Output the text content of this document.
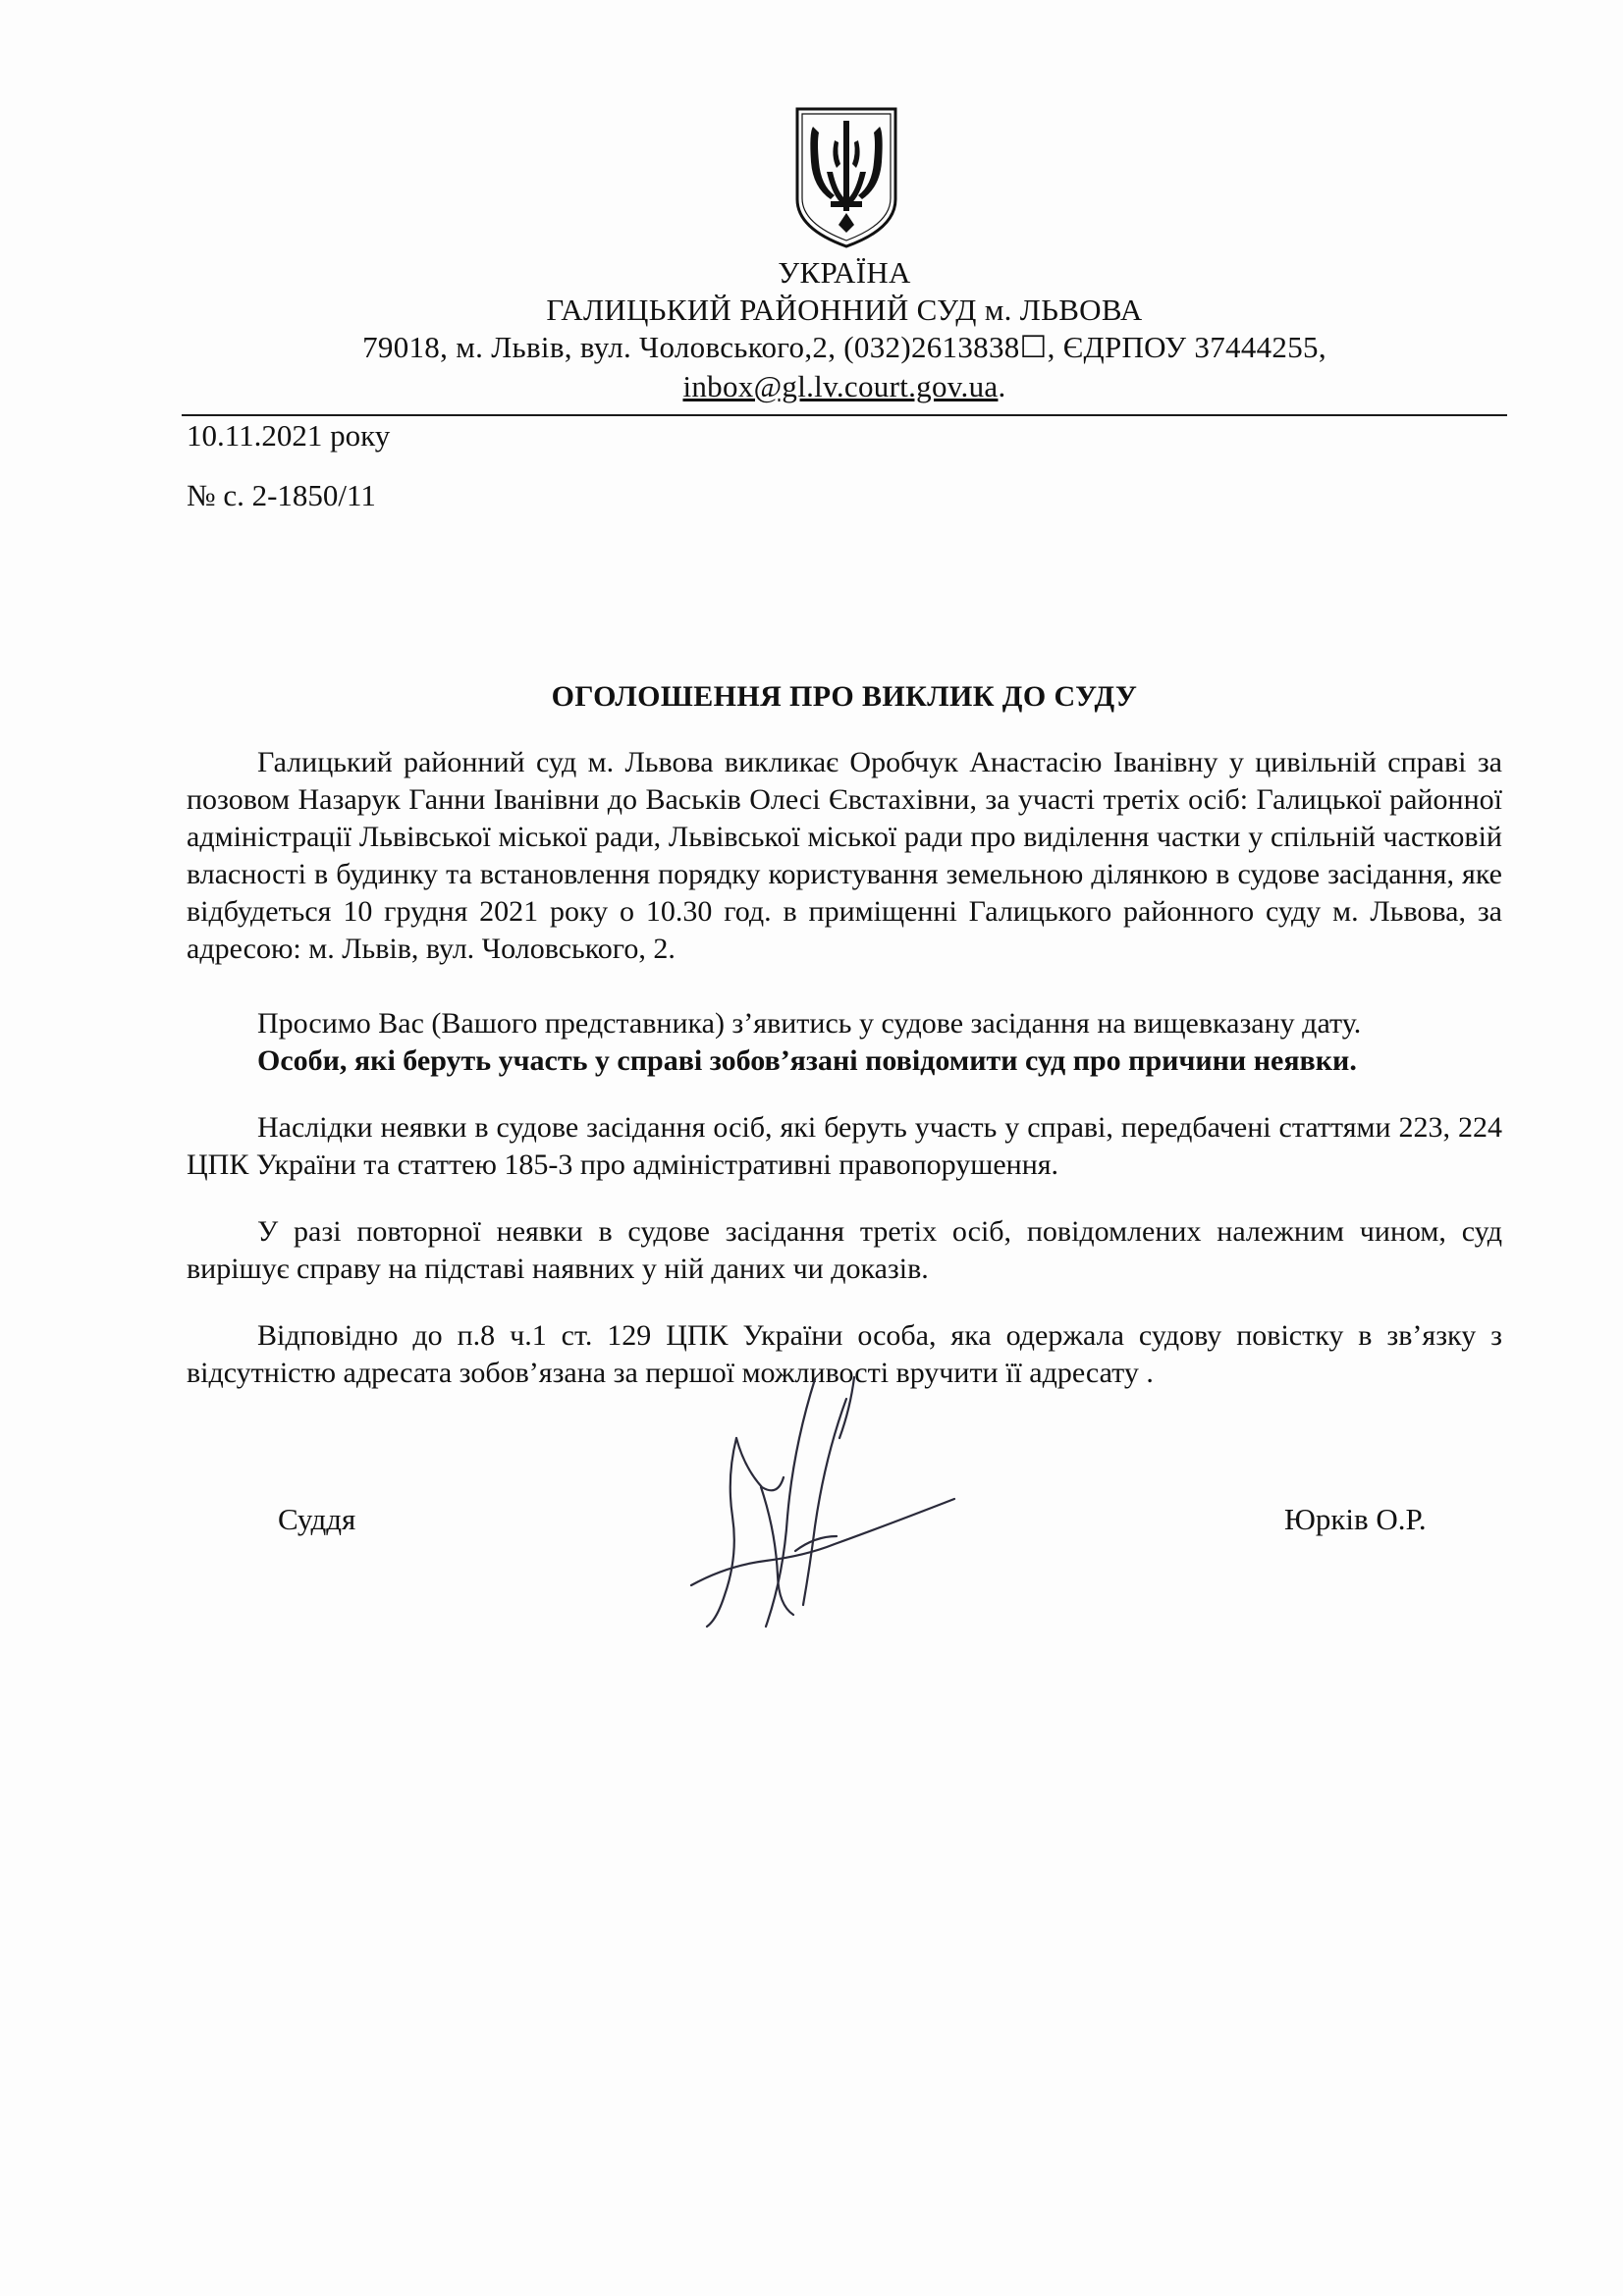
УКРАЇНА
ГАЛИЦЬКИЙ РАЙОННИЙ СУД м. ЛЬВОВА
79018, м. Львів, вул. Чоловського,2, (032)2613838☐, ЄДРПОУ 37444255,
inbox@gl.lv.court.gov.ua.
10.11.2021 року
№ с. 2-1850/11
ОГОЛОШЕННЯ ПРО ВИКЛИК ДО СУДУ

Галицький районний суд м. Львова викликає Оробчук Анастасію Іванівну у цивільній справі за позовом Назарук Ганни Іванівни до Васьків Олесі Євстахівни, за участі третіх осіб: Галицької районної адміністрації Львівської міської ради, Львівської міської ради про виділення частки у спільній частковій власності в будинку та встановлення порядку користування земельною ділянкою в судове засідання, яке відбудеться 10 грудня 2021 року о 10.30 год. в приміщенні Галицького районного суду м. Львова, за адресою: м. Львів, вул. Чоловського, 2.

Просимо Вас (Вашого представника) з’явитись у судове засідання на вищевказану дату.

Особи, які беруть участь у справі зобов’язані повідомити суд про причини неявки.

Наслідки неявки в судове засідання осіб, які беруть участь у справі, передбачені статтями 223, 224 ЦПК України та статтею 185-3 про адміністративні правопорушення.

У разі повторної неявки в судове засідання третіх осіб, повідомлених належним чином, суд вирішує справу на підставі наявних у ній даних чи доказів.

Відповідно до п.8 ч.1 ст. 129 ЦПК України особа, яка одержала судову повістку в зв’язку з відсутністю адресата зобов’язана за першої можливості вручити її адресату .

Суддя	Юрків О.Р.
